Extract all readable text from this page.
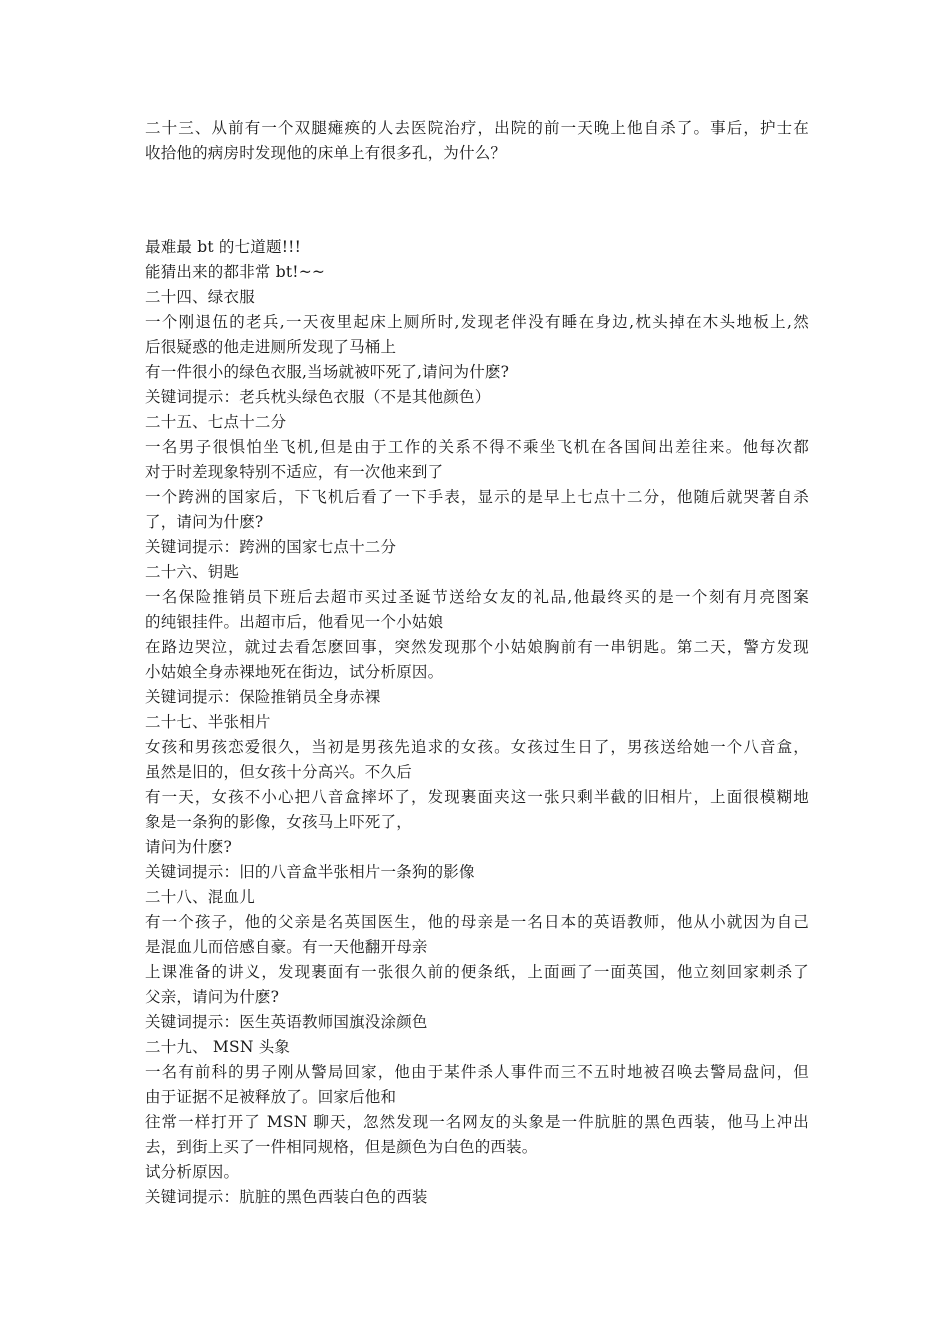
二十三、从前有一个双腿瘫痪的人去医院治疗，出院的前一天晚上他自杀了。事后，护士在
收拾他的病房时发现他的床单上有很多孔，为什么？
最难最 bt 的七道题!!!
能猜出来的都非常 bt!~~
二十四、绿衣服
一个刚退伍的老兵,一天夜里起床上厕所时,发现老伴没有睡在身边,枕头掉在木头地板上,然
后很疑惑的他走进厕所发现了马桶上
有一件很小的绿色衣服,当场就被吓死了,请问为什麽?
关键词提示：老兵枕头绿色衣服（不是其他颜色）
二十五、七点十二分
一名男子很惧怕坐飞机,但是由于工作的关系不得不乘坐飞机在各国间出差往来。他每次都
对于时差现象特别不适应，有一次他来到了
一个跨洲的国家后，下飞机后看了一下手表，显示的是早上七点十二分，他随后就哭著自杀
了，请问为什麽?
关键词提示：跨洲的国家七点十二分
二十六、钥匙
一名保险推销员下班后去超市买过圣诞节送给女友的礼品,他最终买的是一个刻有月亮图案
的纯银挂件。出超市后，他看见一个小姑娘
在路边哭泣，就过去看怎麽回事，突然发现那个小姑娘胸前有一串钥匙。第二天，警方发现
小姑娘全身赤裸地死在街边，试分析原因。
关键词提示：保险推销员全身赤裸
二十七、半张相片
女孩和男孩恋爱很久，当初是男孩先追求的女孩。女孩过生日了，男孩送给她一个八音盒，
虽然是旧的，但女孩十分高兴。不久后
有一天，女孩不小心把八音盒摔坏了，发现裹面夹这一张只剩半截的旧相片，上面很模糊地
象是一条狗的影像，女孩马上吓死了，
请问为什麽?
关键词提示：旧的八音盒半张相片一条狗的影像
二十八、混血儿
有一个孩子，他的父亲是名英国医生，他的母亲是一名日本的英语教师，他从小就因为自己
是混血儿而倍感自豪。有一天他翻开母亲
上课准备的讲义，发现裹面有一张很久前的便条纸，上面画了一面英国，他立刻回家刺杀了
父亲，请问为什麽?
关键词提示：医生英语教师国旗没涂颜色
二十九、 MSN 头象
一名有前科的男子刚从警局回家，他由于某件杀人事件而三不五时地被召唤去警局盘问，但
由于证据不足被释放了。回家后他和
往常一样打开了 MSN 聊天，忽然发现一名网友的头象是一件肮脏的黑色西装，他马上冲出
去，到街上买了一件相同规格，但是颜色为白色的西装。
试分析原因。
关键词提示：肮脏的黑色西装白色的西装
